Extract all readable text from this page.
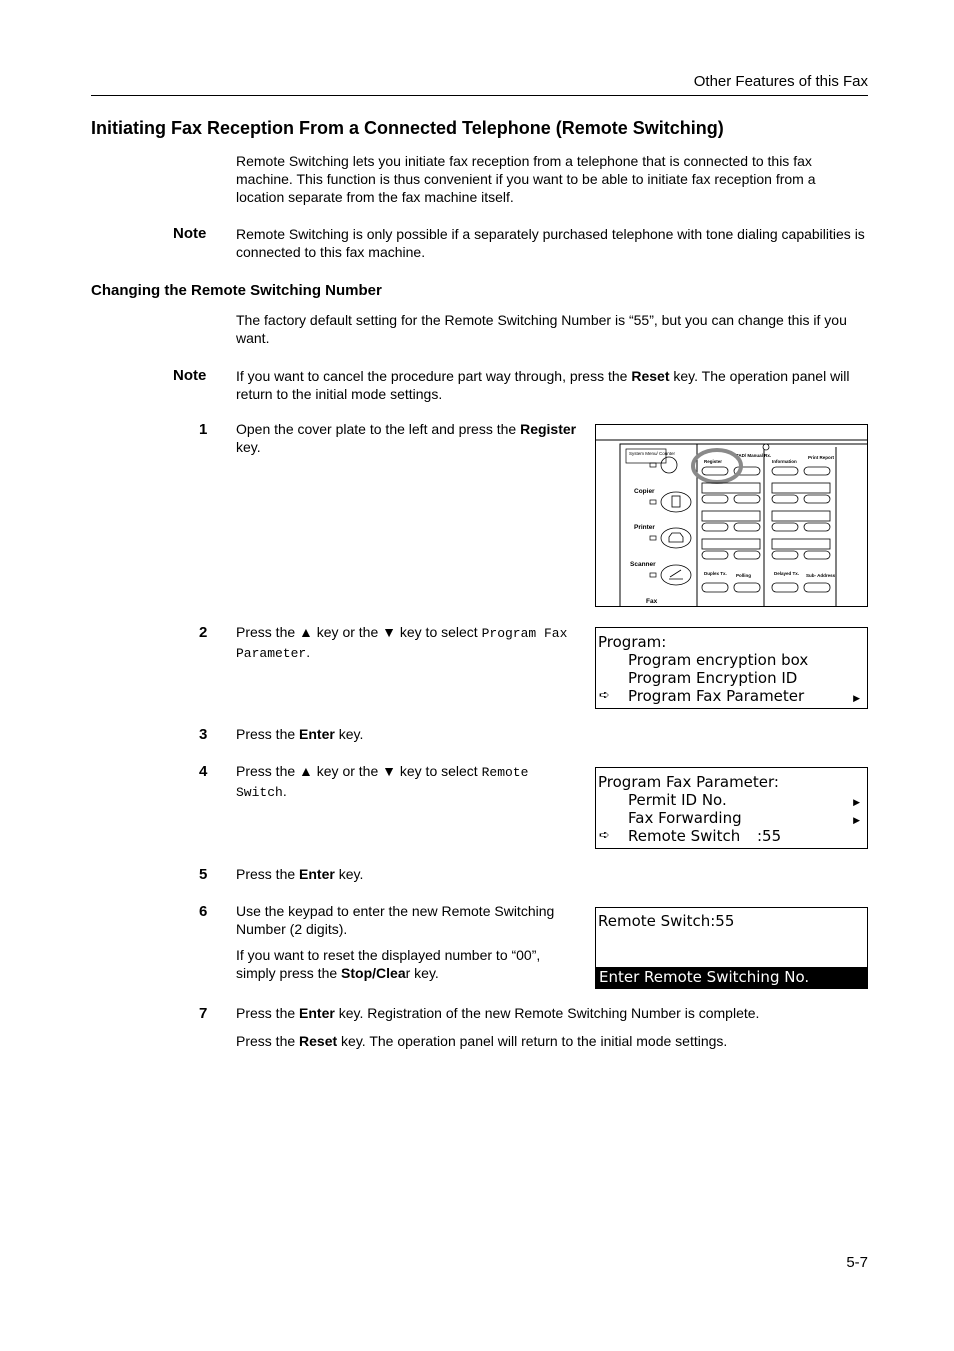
Other Features of this Fax
Initiating Fax Reception From a Connected Telephone (Remote Switching)
Remote Switching lets you initiate fax reception from a telephone that is connected to this fax machine. This function is thus convenient if you want to be able to initiate fax reception from a location separate from the fax machine itself.
Note Remote Switching is only possible if a separately purchased telephone with tone dialing capabilities is connected to this fax machine.
Changing the Remote Switching Number
The factory default setting for the Remote Switching Number is “55”, but you can change this if you want.
Note If you want to cancel the procedure part way through, press the Reset key. The operation panel will return to the initial mode settings.
1 Open the cover plate to the left and press the Register key.	System Menu/ Counter
Copier
Printer
Scanner
Fax
Register
TAD/ Manual Rx.
Information
Print Report
Duplex Tx. Polling	Delayed Tx. Sub- Address
2 Press the ▲ key or the ▼ key to select Program Fax Parameter.
Program:
Program encryption box
Program Encryption ID
➪ Program Fax Parameter	▶
3 Press the Enter key.
4 Press the ▲ key or the ▼ key to select Remote Switch.	Program Fax Parameter:
Permit ID No.	▶
Fax Forwarding	▶
➪ Remote Switch :55
5 Press the Enter key.
6 Use the keypad to enter the new Remote Switching Number (2 digits).
If you want to reset the displayed number to “00”, simply press the Stop/Clear key.
Remote Switch:55
Enter Remote Switching No.
7 Press the Enter key. Registration of the new Remote Switching Number is complete.
Press the Reset key. The operation panel will return to the initial mode settings.
5-7
